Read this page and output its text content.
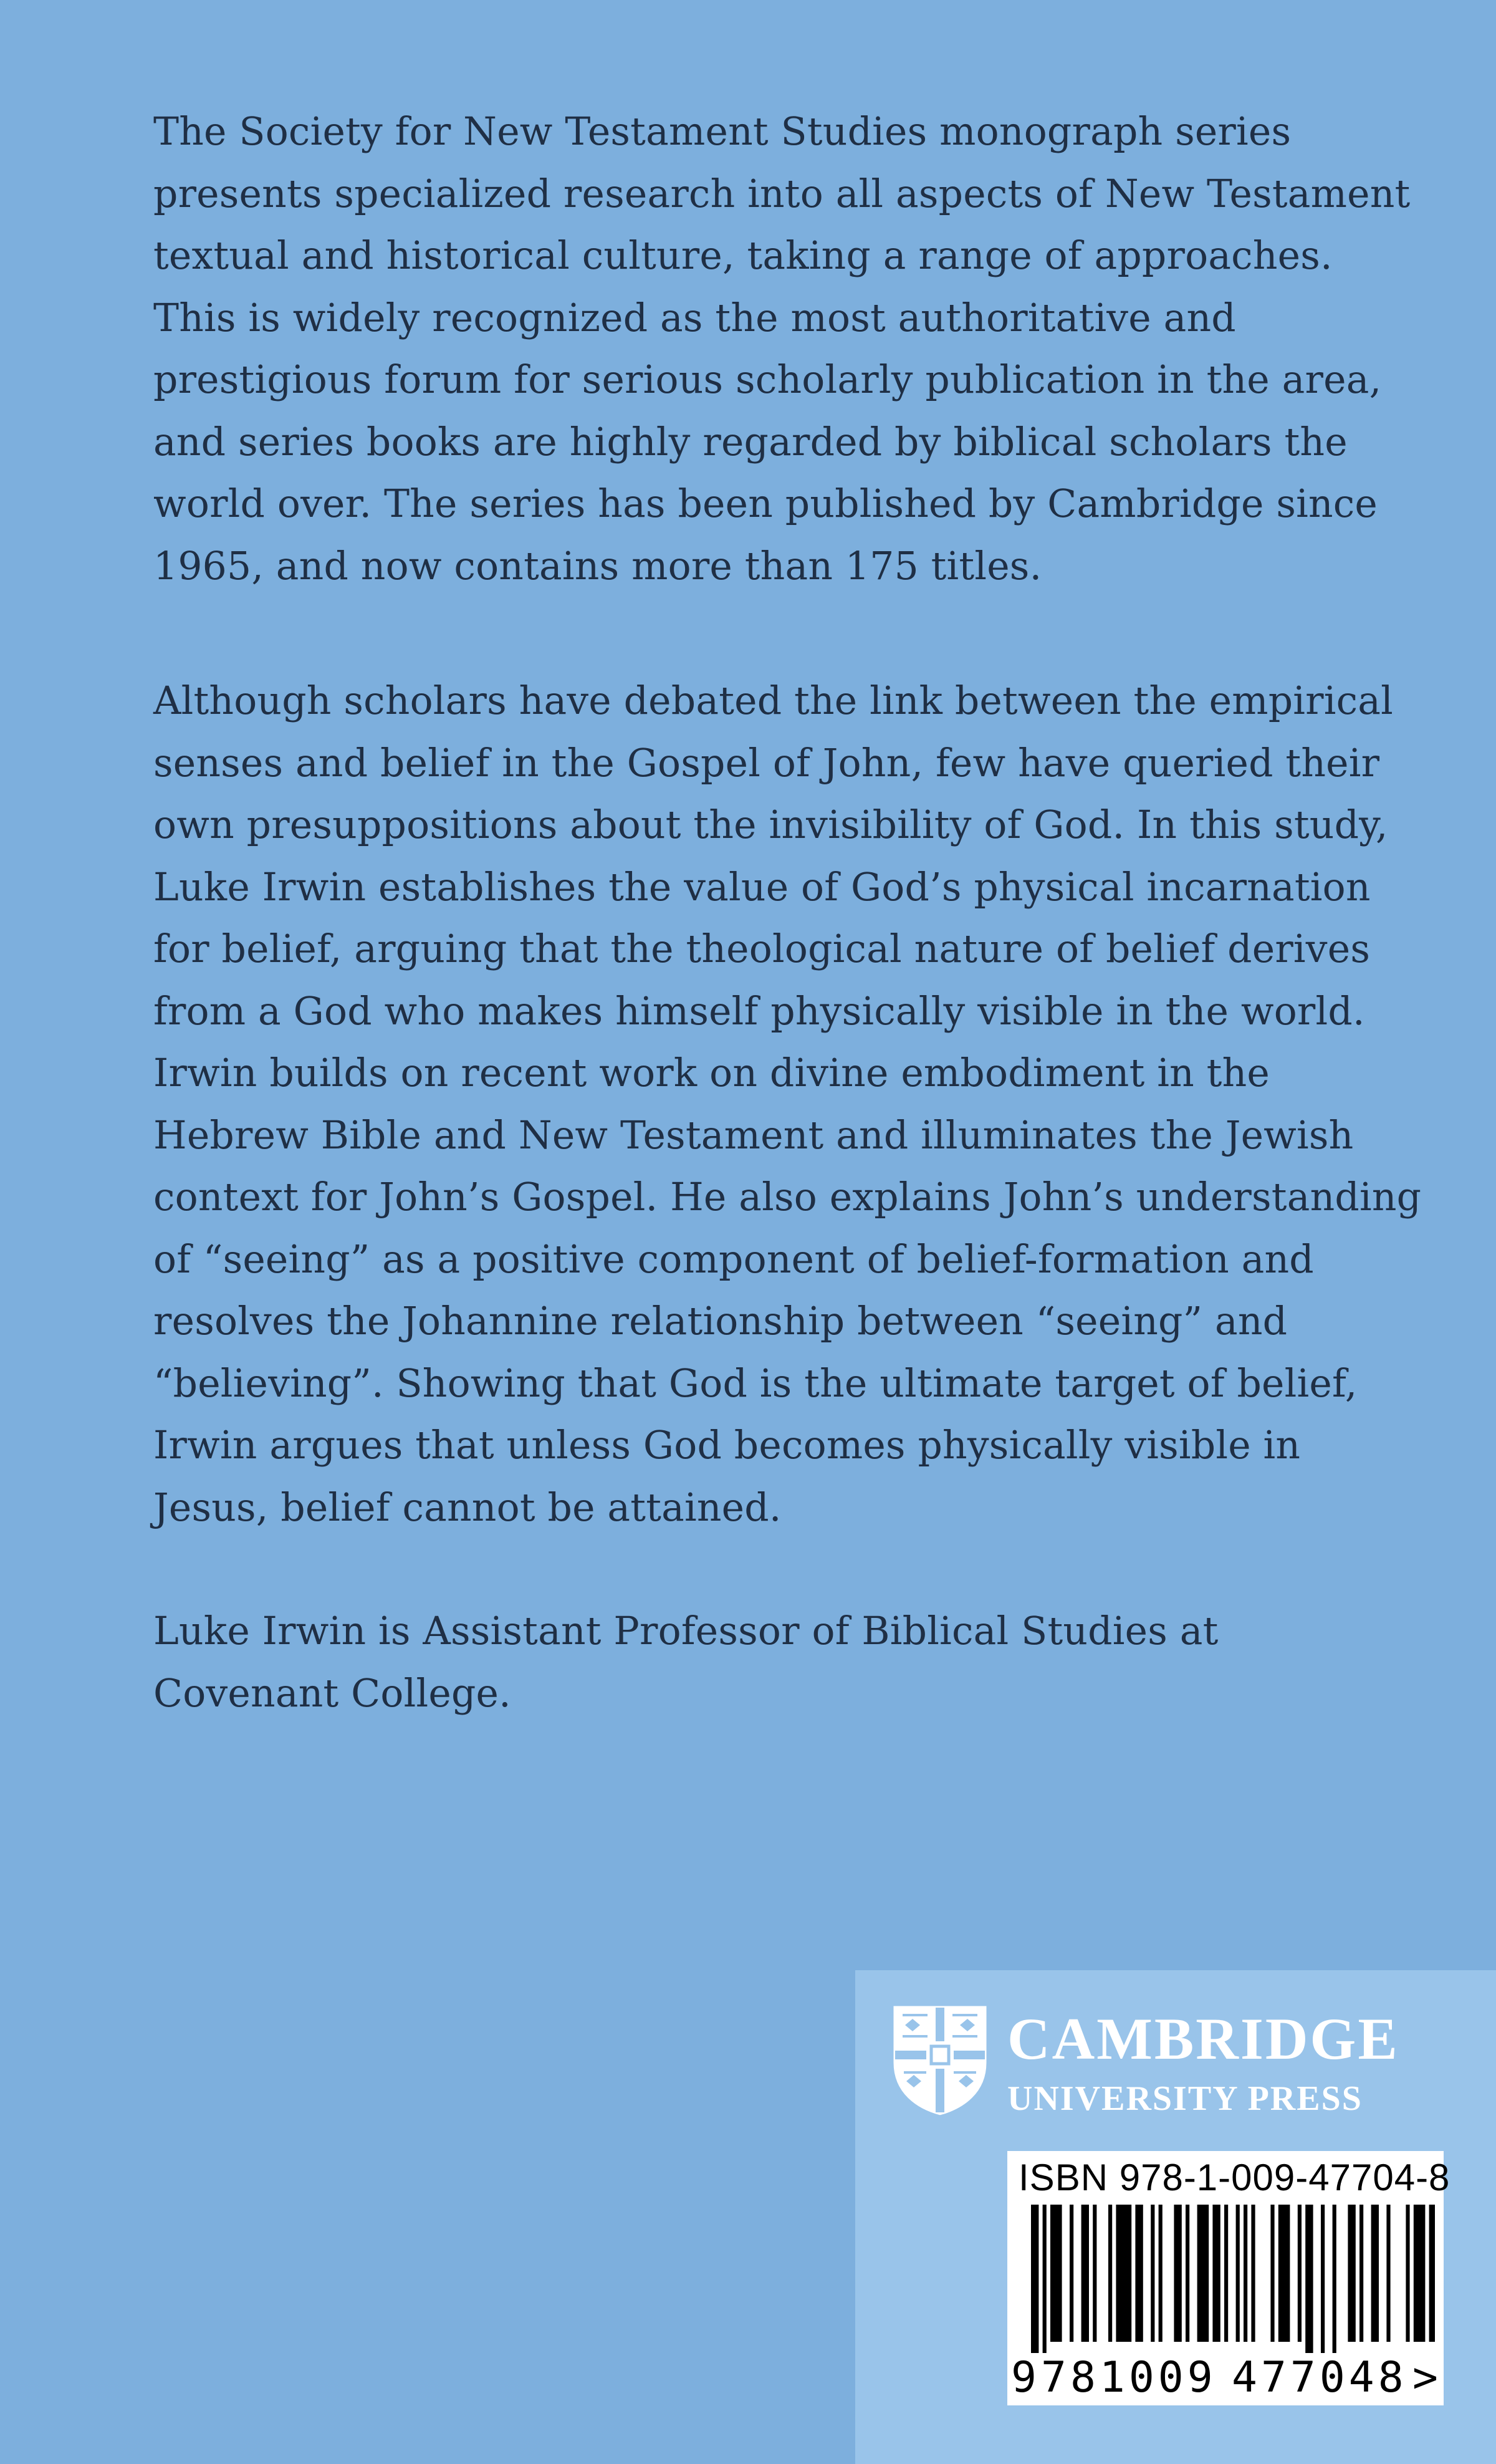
The Society for New Testament Studies monograph series
presents specialized research into all aspects of New Testament
textual and historical culture, taking a range of approaches.
This is widely recognized as the most authoritative and
prestigious forum for serious scholarly publication in the area,
and series books are highly regarded by biblical scholars the
world over. The series has been published by Cambridge since
1965, and now contains more than 175 titles.
Although scholars have debated the link between the empirical
senses and belief in the Gospel of John, few have queried their
own presuppositions about the invisibility of God. In this study,
Luke Irwin establishes the value of God’s physical incarnation
for belief, arguing that the theological nature of belief derives
from a God who makes himself physically visible in the world.
Irwin builds on recent work on divine embodiment in the
Hebrew Bible and New Testament and illuminates the Jewish
context for John’s Gospel. He also explains John’s understanding
of “seeing” as a positive component of belief-formation and
resolves the Johannine relationship between “seeing” and
“believing”. Showing that God is the ultimate target of belief,
Irwin argues that unless God becomes physically visible in
Jesus, belief cannot be attained.
Luke Irwin is Assistant Professor of Biblical Studies at
Covenant College.
CAMBRIDGE
UNIVERSITY PRESS
ISBN 978-1-009-47704-8
9 781009 477048 >
